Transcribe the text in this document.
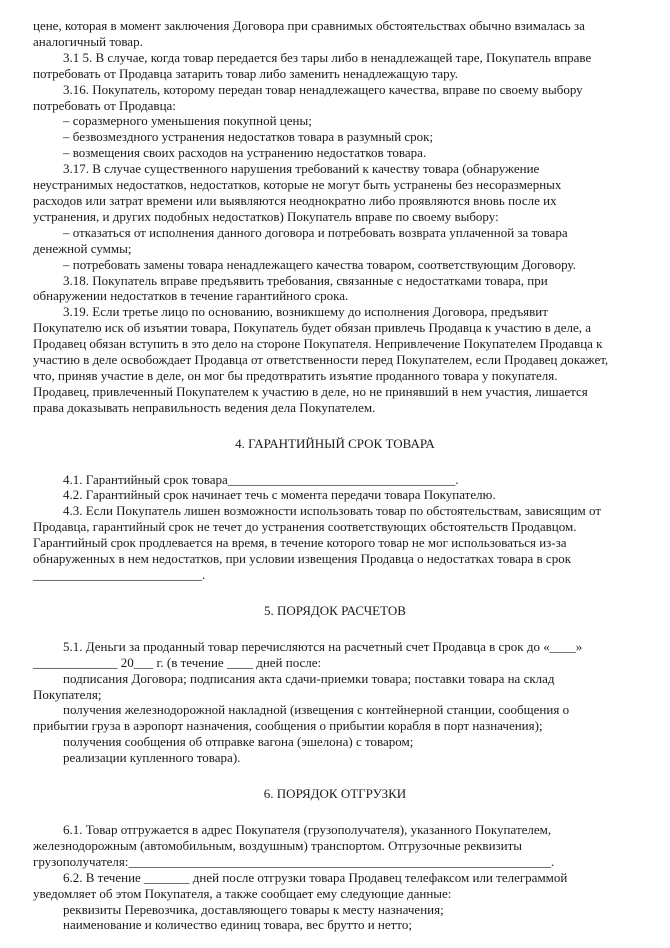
цене, которая в момент заключения Договора при сравнимых обстоятельствах обычно взималась за
аналогичный товар.
3.1 5. В случае, когда товар передается без тары либо в ненадлежащей таре, Покупатель вправе
потребовать от Продавца затарить товар либо заменить ненадлежащую тару.
3.16. Покупатель, которому передан товар ненадлежащего качества, вправе по своему выбору
потребовать от Продавца:
– соразмерного уменьшения покупной цены;
– безвозмездного устранения недостатков товара в разумный срок;
– возмещения своих расходов на устранению недостатков товара.
3.17. В случае существенного нарушения требований к качеству товара (обнаружение
неустранимых недостатков, недостатков, которые не могут быть устранены без несоразмерных
расходов или затрат времени или выявляются неоднократно либо проявляются вновь после их
устранения, и других подобных недостатков) Покупатель вправе по своему выбору:
– отказаться от исполнения данного договора и потребовать возврата уплаченной за товара
денежной суммы;
– потребовать замены товара ненадлежащего качества товаром, соответствующим Договору.
3.18. Покупатель вправе предъявить требования, связанные с недостатками товара, при
обнаружении недостатков в течение гарантийного срока.
3.19. Если третье лицо по основанию, возникшему до исполнения Договора, предъявит
Покупателю иск об изъятии товара, Покупатель будет обязан привлечь Продавца к участию в деле, а
Продавец обязан вступить в это дело на стороне Покупателя. Непривлечение Покупателем Продавца к
участию в деле освобождает Продавца от ответственности перед Покупателем, если Продавец докажет,
что, приняв участие в деле, он мог бы предотвратить изъятие проданного товара у покупателя.
Продавец, привлеченный Покупателем к участию в деле, но не принявший в нем участия, лишается
права доказывать неправильность ведения дела Покупателем.
4. ГАРАНТИЙНЫЙ СРОК ТОВАРА
4.1. Гарантийный срок товара___________________________________.
4.2. Гарантийный срок начинает течь с момента передачи товара Покупателю.
4.3. Если Покупатель лишен возможности использовать товар по обстоятельствам, зависящим от
Продавца, гарантийный срок не течет до устранения соответствующих обстоятельств Продавцом.
Гарантийный срок продлевается на время, в течение которого товар не мог использоваться из-за
обнаруженных в нем недостатков, при условии извещения Продавца о недостатках товара в срок
__________________________.
5. ПОРЯДОК РАСЧЕТОВ
5.1. Деньги за проданный товар перечисляются на расчетный счет Продавца в срок до «____»
_____________ 20___ г. (в течение ____ дней после:
подписания Договора; подписания акта сдачи-приемки товара; поставки товара на склад
Покупателя;
получения железнодорожной накладной (извещения с контейнерной станции, сообщения о
прибытии груза в аэропорт назначения, сообщения о прибытии корабля в порт назначения);
получения сообщения об отправке вагона (эшелона) с товаром;
реализации купленного товара).
6. ПОРЯДОК ОТГРУЗКИ
6.1. Товар отгружается в адрес Покупателя (грузополучателя), указанного Покупателем,
железнодорожным (автомобильным, воздушным) транспортом. Отгрузочные реквизиты
грузополучателя:_________________________________________________________________.
6.2. В течение _______ дней после отгрузки товара Продавец телефаксом или телеграммой
уведомляет об этом Покупателя, а также сообщает ему следующие данные:
реквизиты Перевозчика, доставляющего товары к месту назначения;
наименование и количество единиц товара, вес брутто и нетто;
